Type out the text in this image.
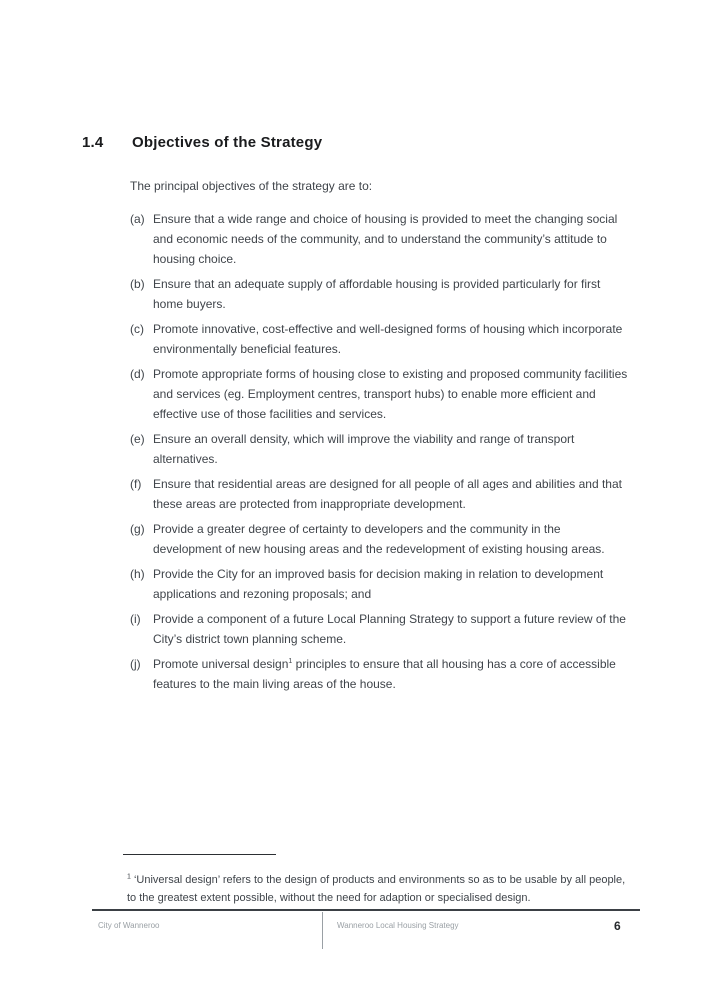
1.4	Objectives of the Strategy

The principal objectives of the strategy are to:

(a) Ensure that a wide range and choice of housing is provided to meet the changing social and economic needs of the community, and to understand the community’s attitude to housing choice.
(b) Ensure that an adequate supply of affordable housing is provided particularly for first home buyers.
(c) Promote innovative, cost-effective and well-designed forms of housing which incorporate environmentally beneficial features.
(d) Promote appropriate forms of housing close to existing and proposed community facilities and services (eg. Employment centres, transport hubs) to enable more efficient and effective use of those facilities and services.
(e) Ensure an overall density, which will improve the viability and range of transport alternatives.
(f) Ensure that residential areas are designed for all people of all ages and abilities and that these areas are protected from inappropriate development.
(g) Provide a greater degree of certainty to developers and the community in the development of new housing areas and the redevelopment of existing housing areas.
(h) Provide the City for an improved basis for decision making in relation to development applications and rezoning proposals; and
(i)	Provide a component of a future Local Planning Strategy to support a future review of the City’s district town planning scheme.
(j)	Promote universal design$^1$ principles to ensure that all housing has a core of accessible features to the main living areas of the house.
$^1$ ‘Universal design’ refers to the design of products and environments so as to be usable by all people, to the greatest extent possible, without the need for adaption or specialised design.
City of Wanneroo	Wanneroo Local Housing Strategy	6
